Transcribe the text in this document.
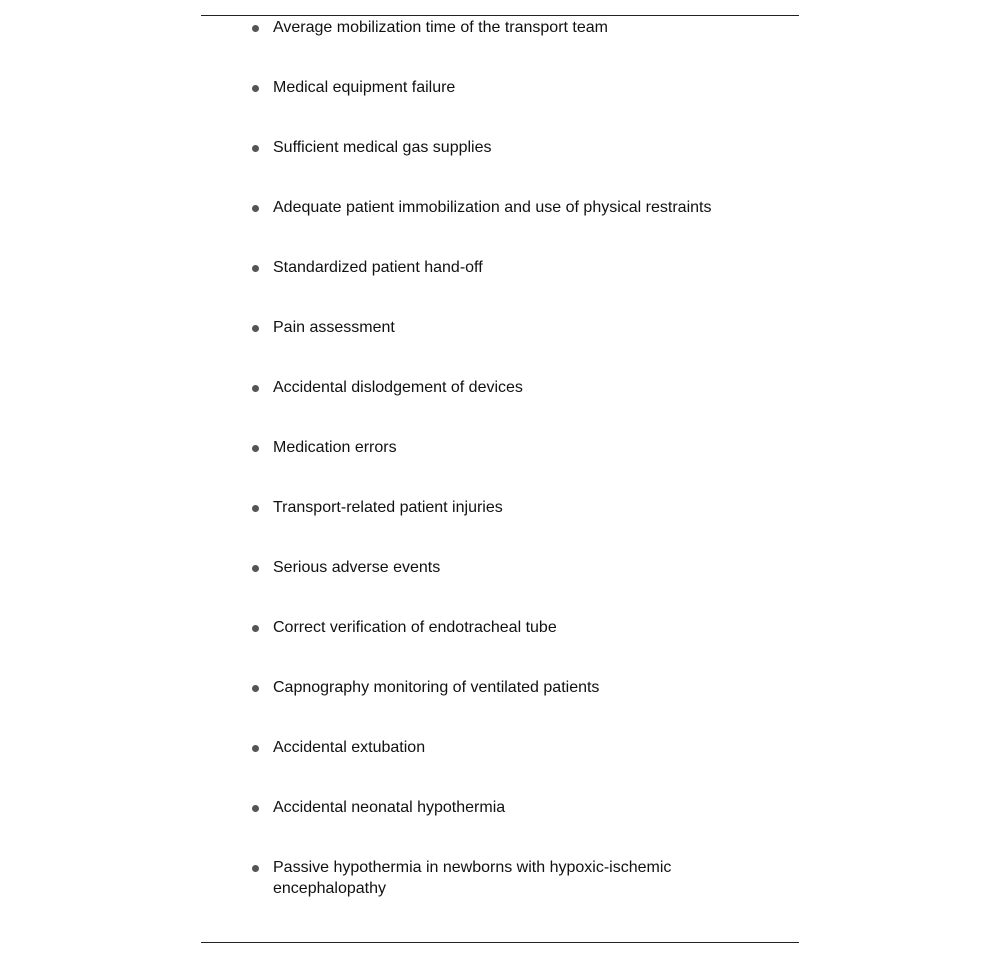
Average mobilization time of the transport team
Medical equipment failure
Sufficient medical gas supplies
Adequate patient immobilization and use of physical restraints
Standardized patient hand-off
Pain assessment
Accidental dislodgement of devices
Medication errors
Transport-related patient injuries
Serious adverse events
Correct verification of endotracheal tube
Capnography monitoring of ventilated patients
Accidental extubation
Accidental neonatal hypothermia
Passive hypothermia in newborns with hypoxic-ischemic encephalopathy
